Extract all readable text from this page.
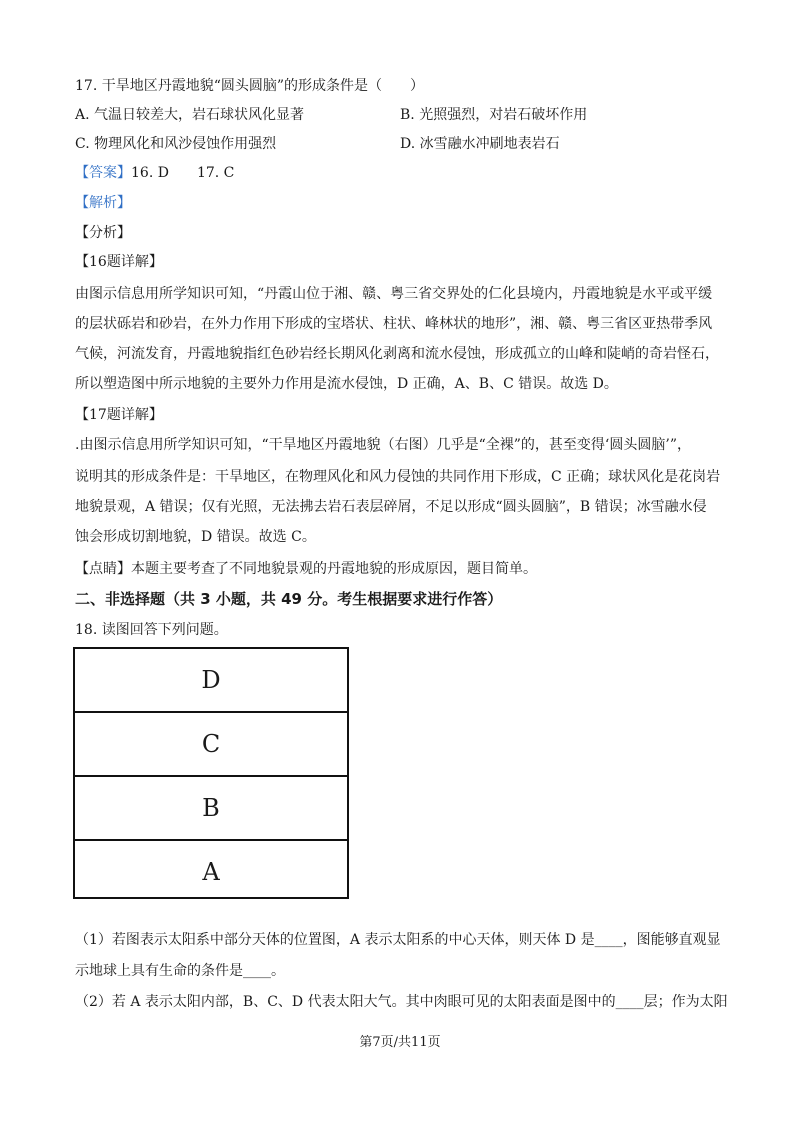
17. 干旱地区丹霞地貌“圆头圆脑”的形成条件是（　　）
A. 气温日较差大，岩石球状风化显著	B. 光照强烈，对岩石破坏作用
C. 物理风化和风沙侵蚀作用强烈	D. 冰雪融水冲刷地表岩石
【答案】16. D　　17. C
【解析】
【分析】
【16题详解】
由图示信息用所学知识可知，“丹霞山位于湘、赣、粤三省交界处的仁化县境内，丹霞地貌是水平或平缓
的层状砾岩和砂岩，在外力作用下形成的宝塔状、柱状、峰林状的地形”，湘、赣、粤三省区亚热带季风
气候，河流发育，丹霞地貌指红色砂岩经长期风化剥离和流水侵蚀，形成孤立的山峰和陡峭的奇岩怪石，
所以塑造图中所示地貌的主要外力作用是流水侵蚀，D 正确，A、B、C 错误。故选 D。
【17题详解】
.由图示信息用所学知识可知，“干旱地区丹霞地貌（右图）几乎是“全裸”的，甚至变得‘圆头圆脑’”，
说明其的形成条件是：干旱地区，在物理风化和风力侵蚀的共同作用下形成，C 正确；球状风化是花岗岩
地貌景观，A 错误；仅有光照，无法拂去岩石表层碎屑，不足以形成“圆头圆脑”，B 错误；冰雪融水侵
蚀会形成切割地貌，D 错误。故选 C。
【点睛】本题主要考查了不同地貌景观的丹霞地貌的形成原因，题目简单。
二、非选择题（共 3 小题，共 49 分。考生根据要求进行作答）
18. 读图回答下列问题。
D
C
B
A
（1）若图表示太阳系中部分天体的位置图，A 表示太阳系的中心天体，则天体 D 是____，图能够直观显
示地球上具有生命的条件是____。
（2）若 A 表示太阳内部，B、C、D 代表太阳大气。其中肉眼可见的太阳表面是图中的____层；作为太阳
第7页/共11页
